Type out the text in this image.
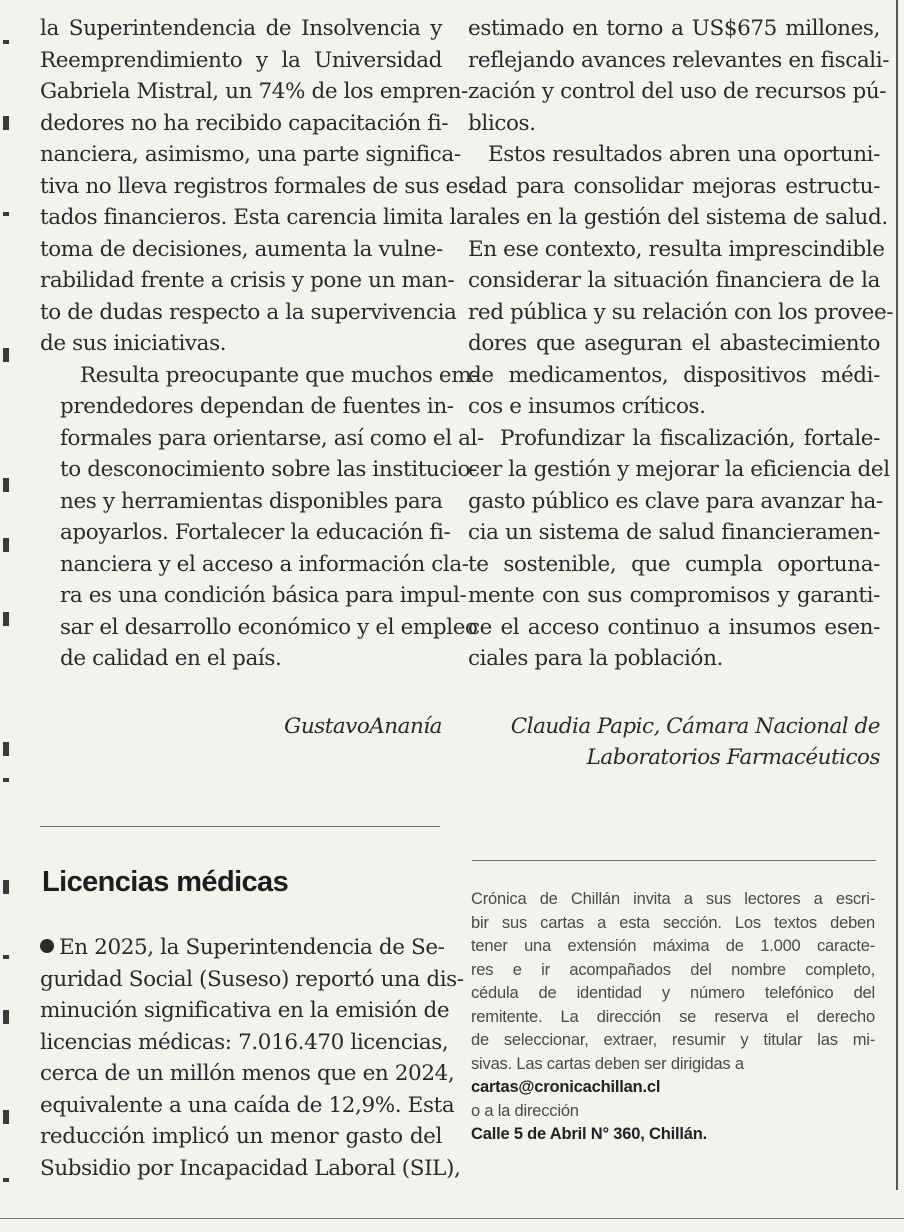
la Superintendencia de Insolvencia y
Reemprendimiento y la Universidad
Gabriela Mistral, un 74% de los empren-
dedores no ha recibido capacitación fi-
nanciera, asimismo, una parte significa-
tiva no lleva registros formales de sus es-
tados financieros. Esta carencia limita la
toma de decisiones, aumenta la vulne-
rabilidad frente a crisis y pone un man-
to de dudas respecto a la supervivencia
de sus iniciativas.

Resulta preocupante que muchos em-
prendedores dependan de fuentes in-
formales para orientarse, así como el al-
to desconocimiento sobre las institucio-
nes y herramientas disponibles para
apoyarlos. Fortalecer la educación fi-
nanciera y el acceso a información cla-
ra es una condición básica para impul-
sar el desarrollo económico y el empleo
de calidad en el país.

GustavoAnanía
Licencias médicas

En 2025, la Superintendencia de Se-
guridad Social (Suseso) reportó una dis-
minución significativa en la emisión de
licencias médicas: 7.016.470 licencias,
cerca de un millón menos que en 2024,
equivalente a una caída de 12,9%. Esta
reducción implicó un menor gasto del
Subsidio por Incapacidad Laboral (SIL),

estimado en torno a US$675 millones,
reflejando avances relevantes en fiscali-
zación y control del uso de recursos pú-
blicos.

Estos resultados abren una oportuni-
dad para consolidar mejoras estructu-
rales en la gestión del sistema de salud.
En ese contexto, resulta imprescindible
considerar la situación financiera de la
red pública y su relación con los provee-
dores que aseguran el abastecimiento
de medicamentos, dispositivos médi-
cos e insumos críticos.

Profundizar la fiscalización, fortale-
cer la gestión y mejorar la eficiencia del
gasto público es clave para avanzar ha-
cia un sistema de salud financieramen-
te sostenible, que cumpla oportuna-
mente con sus compromisos y garanti-
ce el acceso continuo a insumos esen-
ciales para la población.

Claudia Papic, Cámara Nacional de
Laboratorios Farmacéuticos
Crónica de Chillán invita a sus lectores a escri-
bir sus cartas a esta sección. Los textos deben
tener una extensión máxima de 1.000 caracte-
res e ir acompañados del nombre completo,
cédula de identidad y número telefónico del
remitente. La dirección se reserva el derecho
de seleccionar, extraer, resumir y titular las mi-
sivas. Las cartas deben ser dirigidas a
cartas@cronicachillan.cl
o a la dirección
Calle 5 de Abril N° 360, Chillán.
